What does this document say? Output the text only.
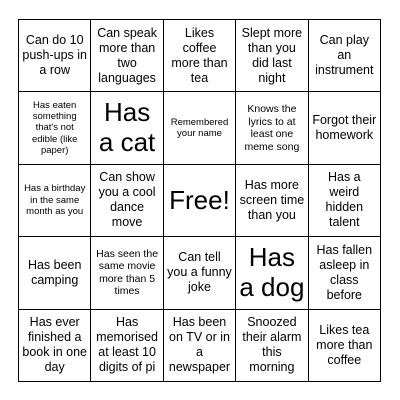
Can do 10 push-ups in a row
Can speak more than two languages
Likes coffee more than tea
Slept more than you did last night
Can play an instrument
Has eaten something that's not edible (like paper)
Has a cat
Remembered your name
Knows the lyrics to at least one meme song
Forgot their homework
Has a birthday in the same month as you
Can show you a cool dance move
Free!	Has more screen time than you
Has a weird hidden talent
Has been camping
Has seen the same movie more than 5 times
Can tell you a funny joke
Has a dog
Has fallen asleep in class before
Has ever finished a book in one day
Has memorised at least 10 digits of pi
Has been on TV or in a newspaper
Snoozed their alarm this morning
Likes tea more than coffee
